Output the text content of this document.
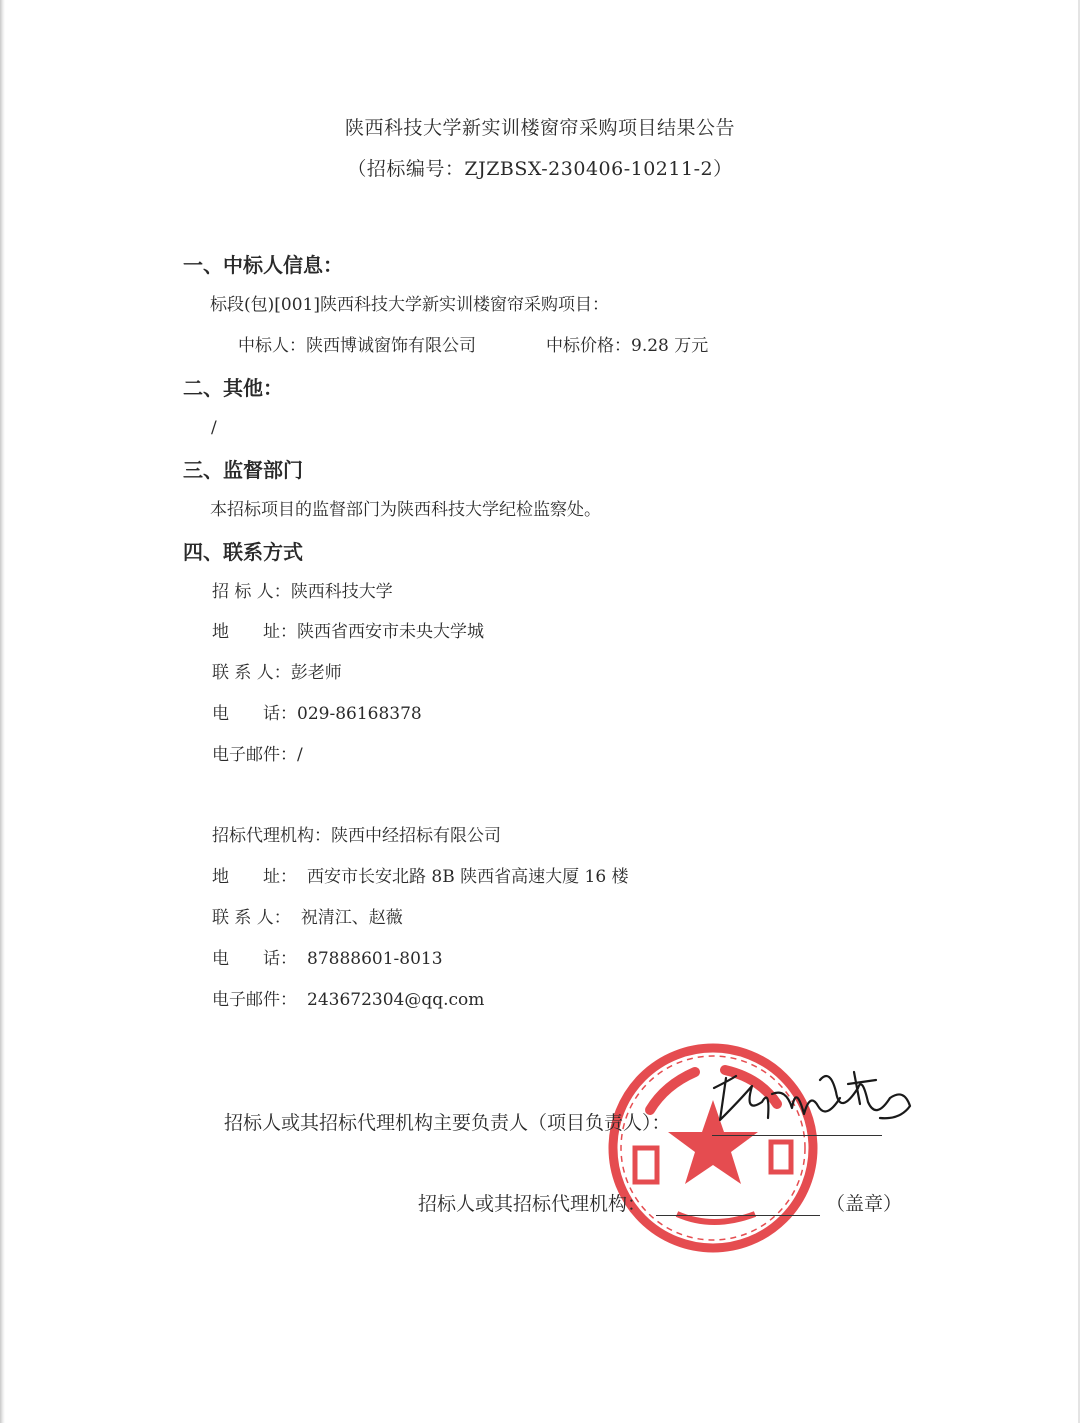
陕西科技大学新实训楼窗帘采购项目结果公告
（招标编号：ZJZBSX-230406-10211-2）
一、中标人信息：
标段(包)[001]陕西科技大学新实训楼窗帘采购项目：
中标人：陕西博诚窗饰有限公司	中标价格：9.28 万元
二、其他：
/
三、监督部门
本招标项目的监督部门为陕西科技大学纪检监察处。
四、联系方式
招 标 人：陕西科技大学
地　　址：陕西省西安市未央大学城
联 系 人：彭老师
电　　话：029-86168378
电子邮件：/
招标代理机构：陕西中经招标有限公司
地　　址： 西安市长安北路 8B 陕西省高速大厦 16 楼
联 系 人： 祝清江、赵薇
电　　话： 87888601-8013
电子邮件： 243672304@qq.com
招标人或其招标代理机构主要负责人（项目负责人）：
招标人或其招标代理机构：	（盖章）
